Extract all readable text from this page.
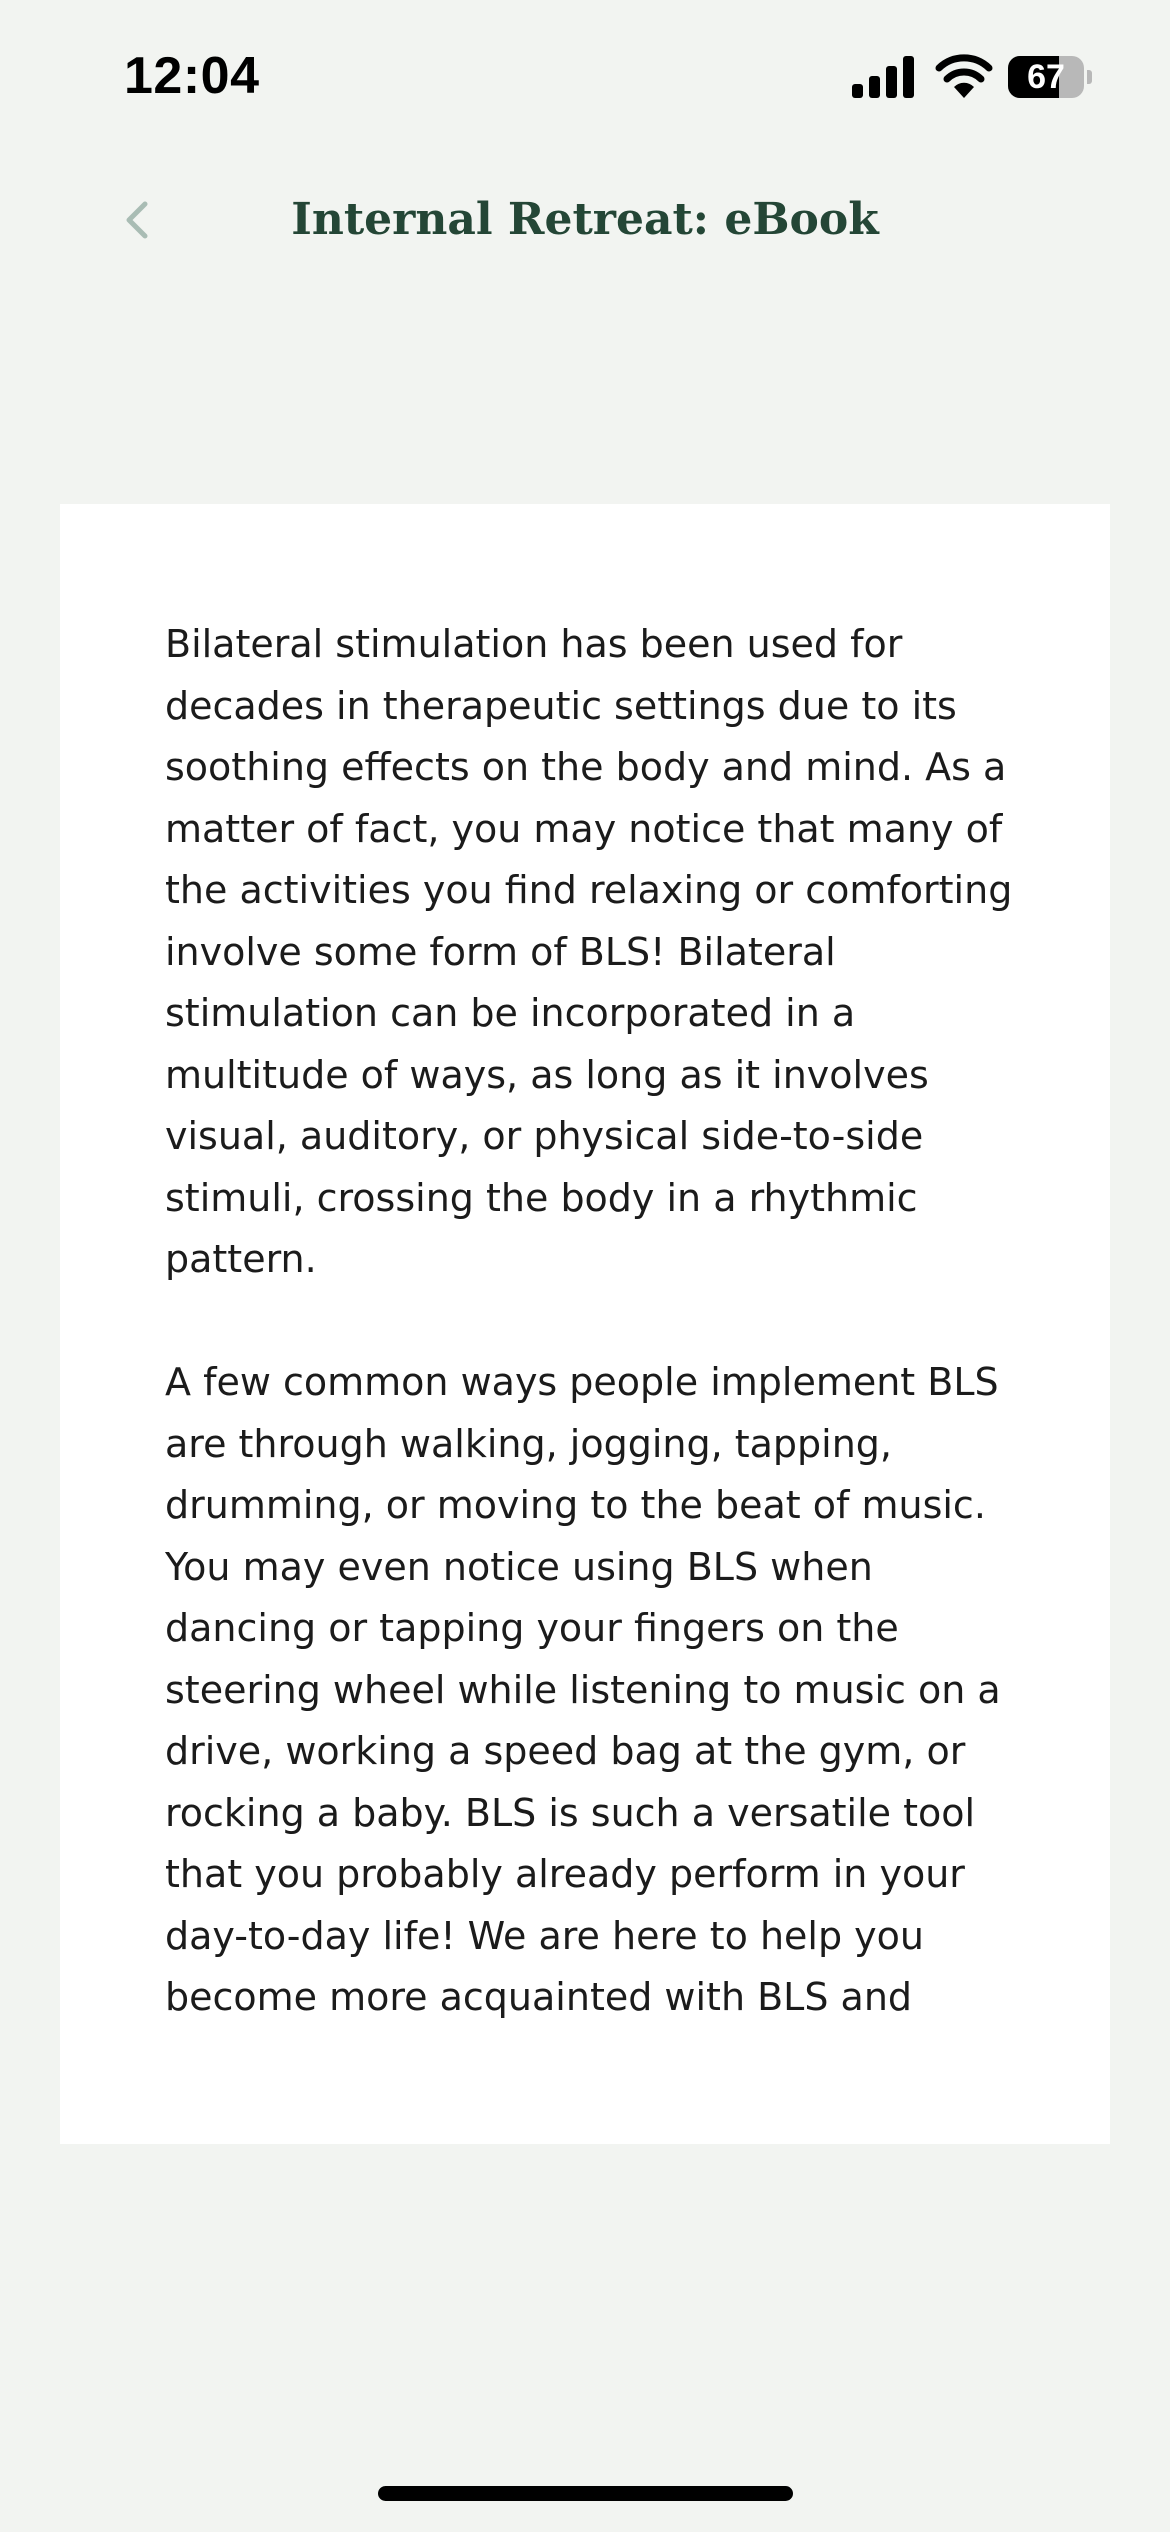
12:04	67
Internal Retreat: eBook

Bilateral stimulation has been used for decades in therapeutic settings due to its soothing effects on the body and mind. As a matter of fact, you may notice that many of the activities you find relaxing or comforting involve some form of BLS! Bilateral stimulation can be incorporated in a multitude of ways, as long as it involves visual, auditory, or physical side-to-side stimuli, crossing the body in a rhythmic pattern.

A few common ways people implement BLS are through walking, jogging, tapping, drumming, or moving to the beat of music. You may even notice using BLS when dancing or tapping your fingers on the steering wheel while listening to music on a drive, working a speed bag at the gym, or rocking a baby. BLS is such a versatile tool that you probably already perform in your day-to-day life! We are here to help you become more acquainted with BLS and
